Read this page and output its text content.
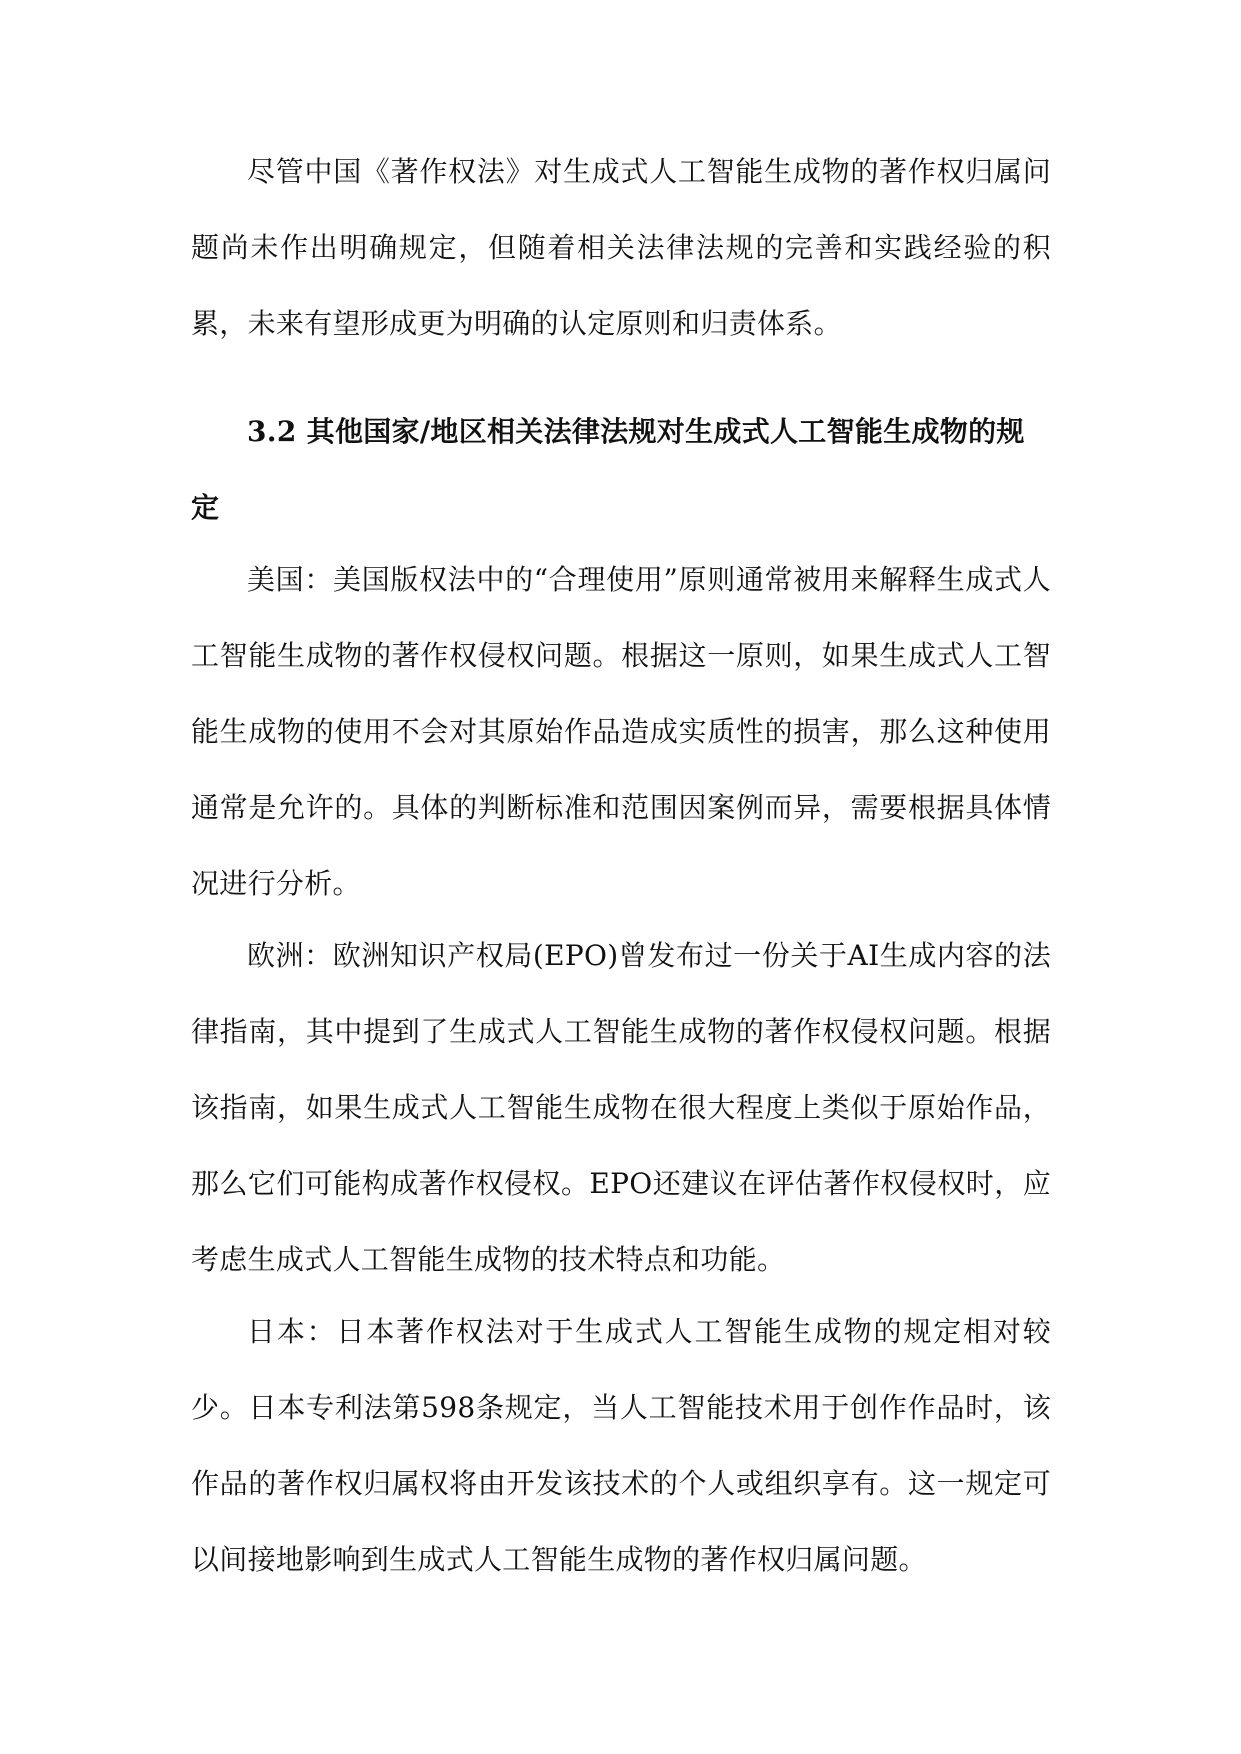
尽管中国《著作权法》对生成式人工智能生成物的著作权归属问题尚未作出明确规定，但随着相关法律法规的完善和实践经验的积累，未来有望形成更为明确的认定原则和归责体系。

3.2 其他国家/地区相关法律法规对生成式人工智能生成物的规定

美国：美国版权法中的“合理使用”原则通常被用来解释生成式人工智能生成物的著作权侵权问题。根据这一原则，如果生成式人工智能生成物的使用不会对其原始作品造成实质性的损害，那么这种使用通常是允许的。具体的判断标准和范围因案例而异，需要根据具体情况进行分析。

欧洲：欧洲知识产权局(EPO)曾发布过一份关于AI生成内容的法律指南，其中提到了生成式人工智能生成物的著作权侵权问题。根据该指南，如果生成式人工智能生成物在很大程度上类似于原始作品，那么它们可能构成著作权侵权。EPO还建议在评估著作权侵权时，应考虑生成式人工智能生成物的技术特点和功能。

日本：日本著作权法对于生成式人工智能生成物的规定相对较少。日本专利法第598条规定，当人工智能技术用于创作作品时，该作品的著作权归属权将由开发该技术的个人或组织享有。这一规定可以间接地影响到生成式人工智能生成物的著作权归属问题。
